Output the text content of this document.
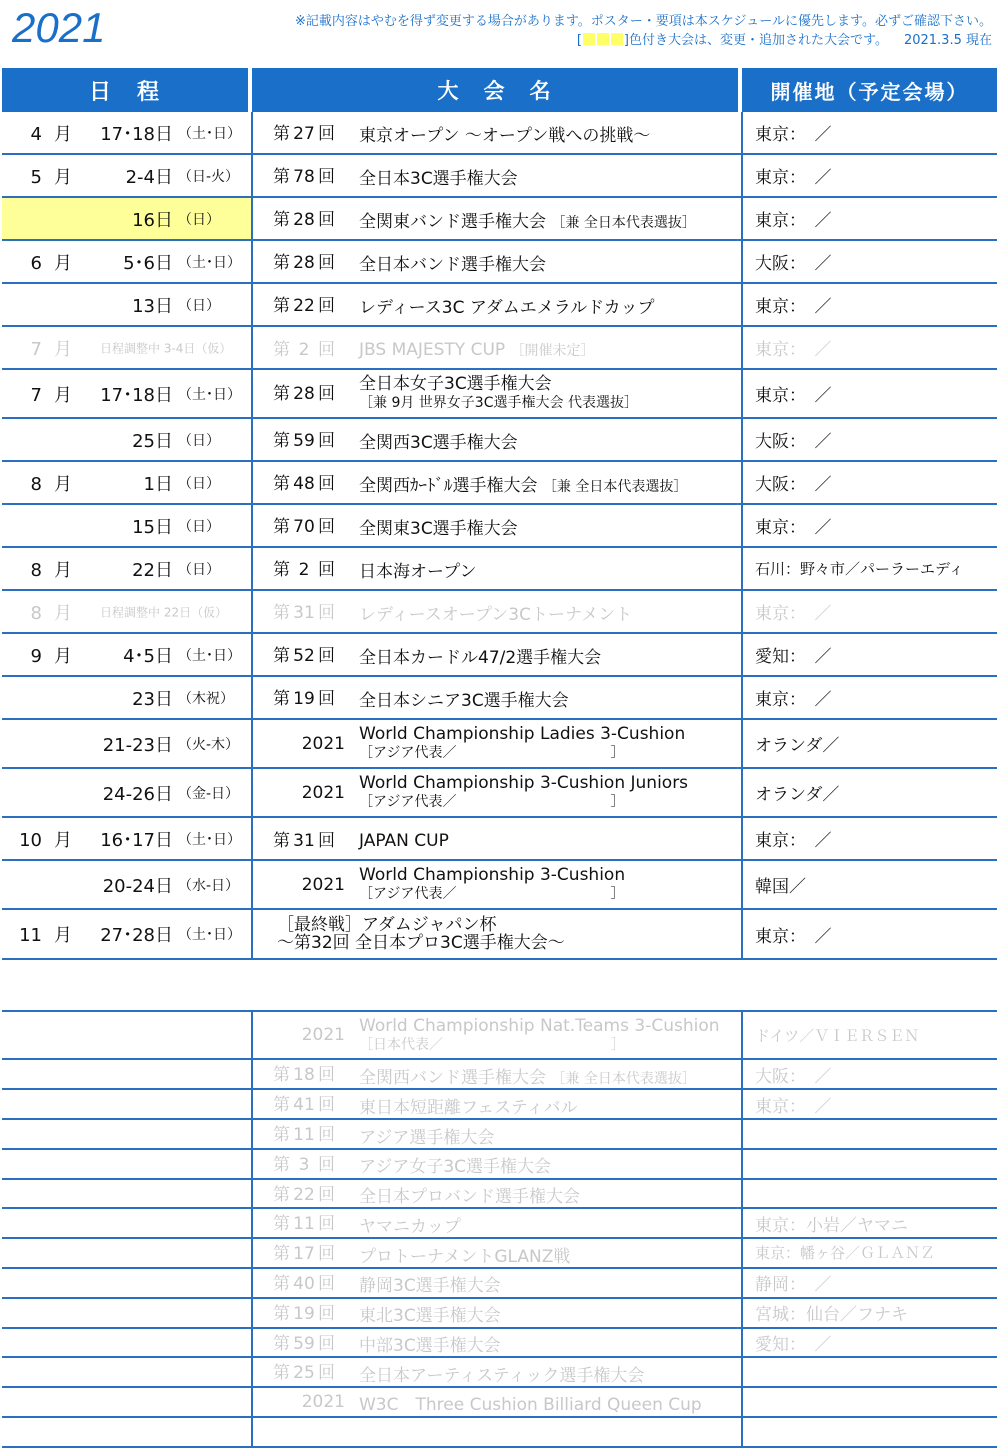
2021	※記載内容はやむを得ず変更する場合があります。ポスター・要項は本スケジュールに優先します。必ずご確認下さい。
[	]色付き大会は、変更・追加された大会です。 2021.3.5 現在
日　程	大　会　名	開催地（予定会場）
4 月 17･18日 （土･日）	第 27 回 東京オープン ～オープン戦への挑戦～	東京：　／

5 月 2-4日 （日-火）	第 78 回 全日本3C選手権大会	東京：　／

16日 （日）	第 28 回 全関東バンド選手権大会 ［兼 全日本代表選抜］	東京：　／

6 月 5･6日 （土･日）	第 28 回 全日本バンド選手権大会	大阪：　／

13日 （日）	第 22 回 レディース3C アダムエメラルドカップ	東京：　／

7 月 日程調整中 3-4日（仮）	第 2 回 JBS MAJESTY CUP ［開催未定］	東京：　／

7 月 17･18日 （土･日）	第 28 回 全日本女子3C選手権大会
［兼 9月 世界女子3C選手権大会 代表選抜］	東京：　／

25日 （日）	第 59 回 全関西3C選手権大会	大阪：　／

8 月 1日 （日）	第 48 回 全関西ｶｰﾄﾞﾙ選手権大会 ［兼 全日本代表選抜］	大阪：　／

15日 （日）	第 70 回 全関東3C選手権大会	東京：　／

8 月 22日 （日）	第 2 回 日本海オープン	石川：野々市／パーラーエディ

8 月 日程調整中 22日（仮）	第 31 回 レディースオープン3Cトーナメント	東京：　／

9 月 4･5日 （土･日）	第 52 回 全日本カードル47/2選手権大会	愛知：　／

23日 （木祝）	第 19 回 全日本シニア3C選手権大会	東京：　／

21-23日 （火-木）	2021 World Championship Ladies 3-Cushion
［アジア代表／　　　　　　　　　　　］	オランダ／

24-26日 （金-日）	2021 World Championship 3-Cushion Juniors
［アジア代表／　　　　　　　　　　　］	オランダ／

10 月 16･17日 （土･日）	第 31 回 JAPAN CUP	東京：　／

20-24日 （水-日）	2021 World Championship 3-Cushion
［アジア代表／　　　　　　　　　　　］	韓国／

11 月 27･28日 （土･日）	［最終戦］アダムジャパン杯
～第32回 全日本プロ3C選手権大会～	東京：　／

	2021 World Championship Nat.Teams 3-Cushion
［日本代表／　　　　　　　　　　　　］	ドイツ／ＶＩＥＲＳＥＮ
	第 18 回 全関西バンド選手権大会 ［兼 全日本代表選抜］	大阪：　／
	第 41 回 東日本短距離フェスティバル	東京：　／
	第 11 回 アジア選手権大会	
	第 3 回 アジア女子3C選手権大会	
	第 22 回 全日本プロバンド選手権大会	
	第 11 回 ヤマニカップ	東京：小岩／ヤマニ
	第 17 回 プロトーナメントGLANZ戦	東京：幡ヶ谷／ＧＬＡＮＺ
	第 40 回 静岡3C選手権大会	静岡：　／
	第 19 回 東北3C選手権大会	宮城：仙台／フナキ
	第 59 回 中部3C選手権大会	愛知：　／
	第 25 回 全日本アーティスティック選手権大会	
	2021 W3C　Three Cushion Billiard Queen Cup	
